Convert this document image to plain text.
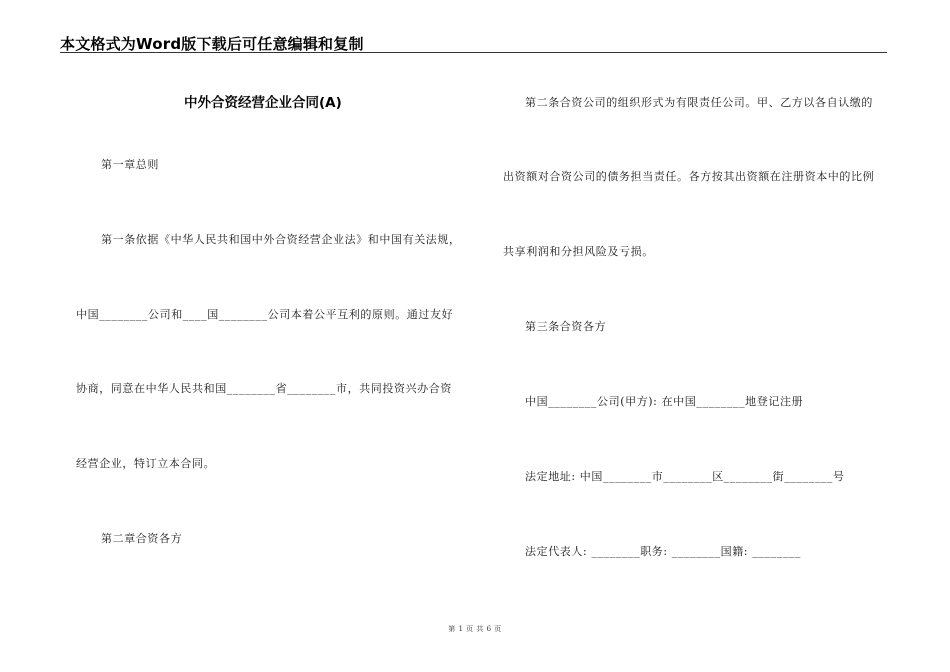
本文格式为Word版下载后可任意编辑和复制
中外合资经营企业合同(A)
第一章总则
第一条依据《中华人民共和国中外合资经营企业法》和中国有关法规，
中国________公司和____国________公司本着公平互利的原则。通过友好
协商，同意在中华人民共和国________省________市，共同投资兴办合资
经营企业，特订立本合同。
第二章合资各方
第二条合资公司的组织形式为有限责任公司。甲、乙方以各自认缴的
出资额对合资公司的债务担当责任。各方按其出资额在注册资本中的比例
共享利润和分担风险及亏损。
第三条合资各方
中国________公司(甲方): 在中国________地登记注册
法定地址: 中国________市________区________街________号
法定代表人: ________职务: ________国籍: ________
第 1 页 共 6 页
